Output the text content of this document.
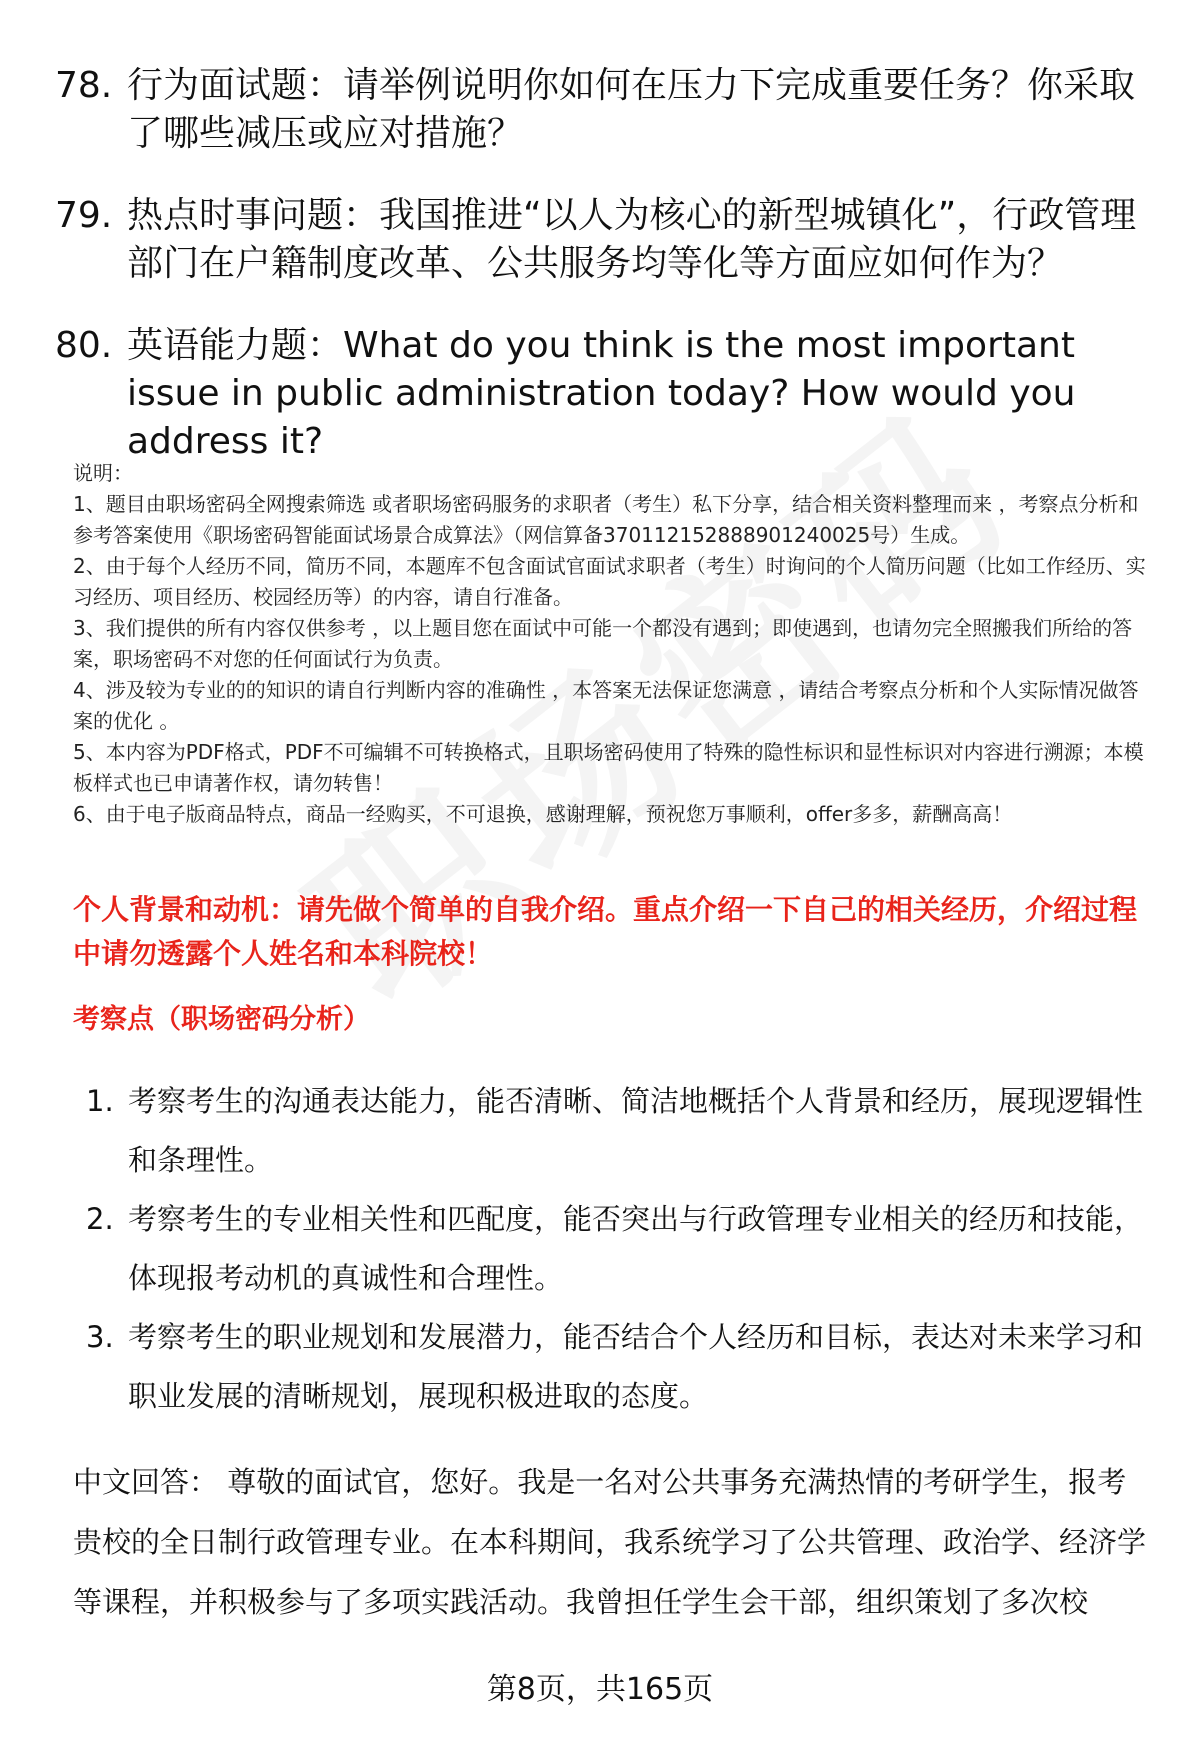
78. 行为面试题：请举例说明你如何在压力下完成重要任务？你采取了哪些减压或应对措施？
79. 热点时事问题：我国推进“以人为核心的新型城镇化”，行政管理部门在户籍制度改革、公共服务均等化等方面应如何作为？
80. 英语能力题：What do you think is the most important issue in public administration today? How would you address it?

说明：

1、题目由职场密码全网搜索筛选 或者职场密码服务的求职者（考生）私下分享，结合相关资料整理而来 ，考察点分析和参考答案使用《职场密码智能面试场景合成算法》（网信算备370112152888901240025号）生成。

2、由于每个人经历不同，简历不同，本题库不包含面试官面试求职者（考生）时询问的个人简历问题（比如工作经历、实习经历、项目经历、校园经历等）的内容，请自行准备。

3、我们提供的所有内容仅供参考 ，以上题目您在面试中可能一个都没有遇到；即使遇到，也请勿完全照搬我们所给的答案，职场密码不对您的任何面试行为负责。

4、涉及较为专业的的知识的请自行判断内容的准确性 ，本答案无法保证您满意 ，请结合考察点分析和个人实际情况做答案的优化 。

5、本内容为PDF格式，PDF不可编辑不可转换格式，且职场密码使用了特殊的隐性标识和显性标识对内容进行溯源；本模板样式也已申请著作权，请勿转售！

6、由于电子版商品特点，商品一经购买，不可退换，感谢理解，预祝您万事顺利，offer多多，薪酬高高！

个人背景和动机：请先做个简单的自我介绍。重点介绍一下自己的相关经历，介绍过程中请勿透露个人姓名和本科院校！
考察点（职场密码分析）
1. 考察考生的沟通表达能力，能否清晰、简洁地概括个人背景和经历，展现逻辑性和条理性。
2. 考察考生的专业相关性和匹配度，能否突出与行政管理专业相关的经历和技能，体现报考动机的真诚性和合理性。
3. 考察考生的职业规划和发展潜力，能否结合个人经历和目标，表达对未来学习和职业发展的清晰规划，展现积极进取的态度。
中文回答： 尊敬的面试官，您好。我是一名对公共事务充满热情的考研学生，报考贵校的全日制行政管理专业。在本科期间，我系统学习了公共管理、政治学、经济学等课程，并积极参与了多项实践活动。我曾担任学生会干部，组织策划了多次校
第8页，共165页
